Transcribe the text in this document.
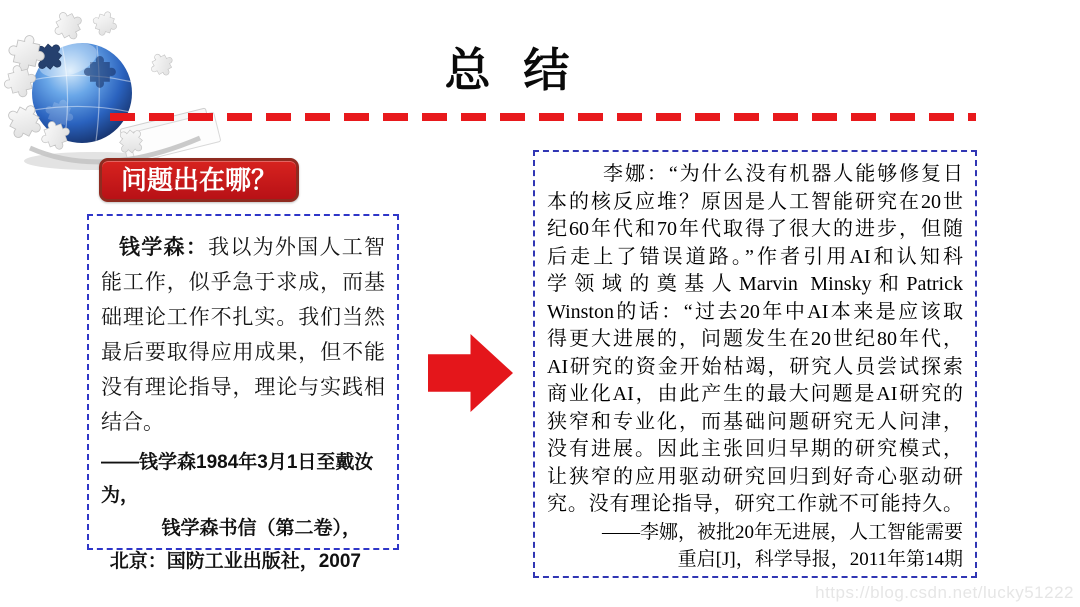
总 结
问题出在哪？
钱学森：我以为外国人工智
能工作，似乎急于求成，而基
础理论工作不扎实。我们当然
最后要取得应用成果，但不能
没有理论指导，理论与实践相
结合。
——钱学森1984年3月1日至戴汝为，
钱学森书信（第二卷），
北京：国防工业出版社，2007
李娜：“为什么没有机器人能够修复日
本的核反应堆？原因是人工智能研究在20世
纪60年代和70年代取得了很大的进步，但随
后走上了错误道路。”作者引用AI和认知科
学领域的奠基人Marvin Minsky和Patrick
Winston的话：“过去20年中AI本来是应该取
得更大进展的，问题发生在20世纪80年代，
AI研究的资金开始枯竭，研究人员尝试探索
商业化AI，由此产生的最大问题是AI研究的
狭窄和专业化，而基础问题研究无人问津，
没有进展。因此主张回归早期的研究模式，
让狭窄的应用驱动研究回归到好奇心驱动研
究。没有理论指导，研究工作就不可能持久。
——李娜，被批20年无进展，人工智能需要
重启[J]，科学导报，2011年第14期
https://blog.csdn.net/lucky51222
